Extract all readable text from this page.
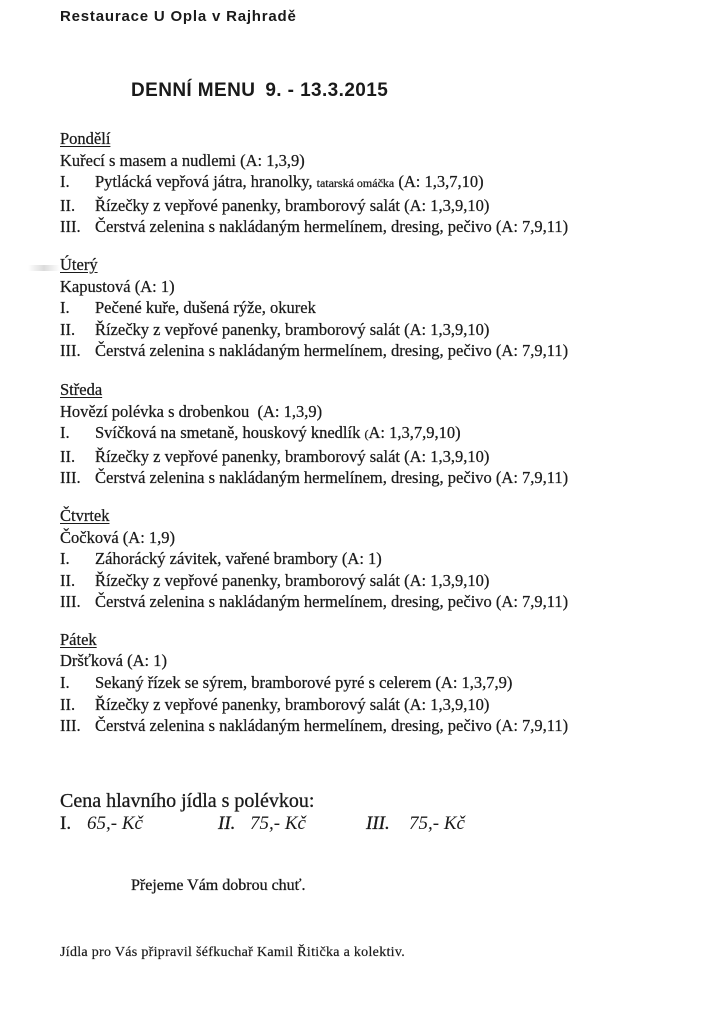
Restaurace U Opla v Rajhradě
DENNÍ MENU 9. - 13.3.2015
Pondělí
Kuřecí s masem a nudlemi (A: 1,3,9)
I. Pytlácká vepřová játra, hranolky, tatarská omáčka (A: 1,3,7,10)
II. Řízečky z vepřové panenky, bramborový salát (A: 1,3,9,10)
III. Čerstvá zelenina s nakládaným hermelínem, dresing, pečivo (A: 7,9,11)
Úterý
Kapustová (A: 1)
I. Pečené kuře, dušená rýže, okurek
II. Řízečky z vepřové panenky, bramborový salát (A: 1,3,9,10)
III. Čerstvá zelenina s nakládaným hermelínem, dresing, pečivo (A: 7,9,11)
Středa
Hovězí polévka s drobenkou  (A: 1,3,9)
I. Svíčková na smetaně, houskový knedlík (A: 1,3,7,9,10)
II. Řízečky z vepřové panenky, bramborový salát (A: 1,3,9,10)
III. Čerstvá zelenina s nakládaným hermelínem, dresing, pečivo (A: 7,9,11)
Čtvrtek
Čočková (A: 1,9)
I. Záhorácký závitek, vařené brambory (A: 1)
II. Řízečky z vepřové panenky, bramborový salát (A: 1,3,9,10)
III. Čerstvá zelenina s nakládaným hermelínem, dresing, pečivo (A: 7,9,11)
Pátek
Dršťková (A: 1)
I. Sekaný řízek se sýrem, bramborové pyré s celerem (A: 1,3,7,9)
II. Řízečky z vepřové panenky, bramborový salát (A: 1,3,9,10)
III. Čerstvá zelenina s nakládaným hermelínem, dresing, pečivo (A: 7,9,11)
Cena hlavního jídla s polévkou:
I. 65,- Kč	II. 75,- Kč	III. 75,- Kč
Přejeme Vám dobrou chuť.
Jídla pro Vás připravil šéfkuchař Kamil Řitička a kolektiv.
